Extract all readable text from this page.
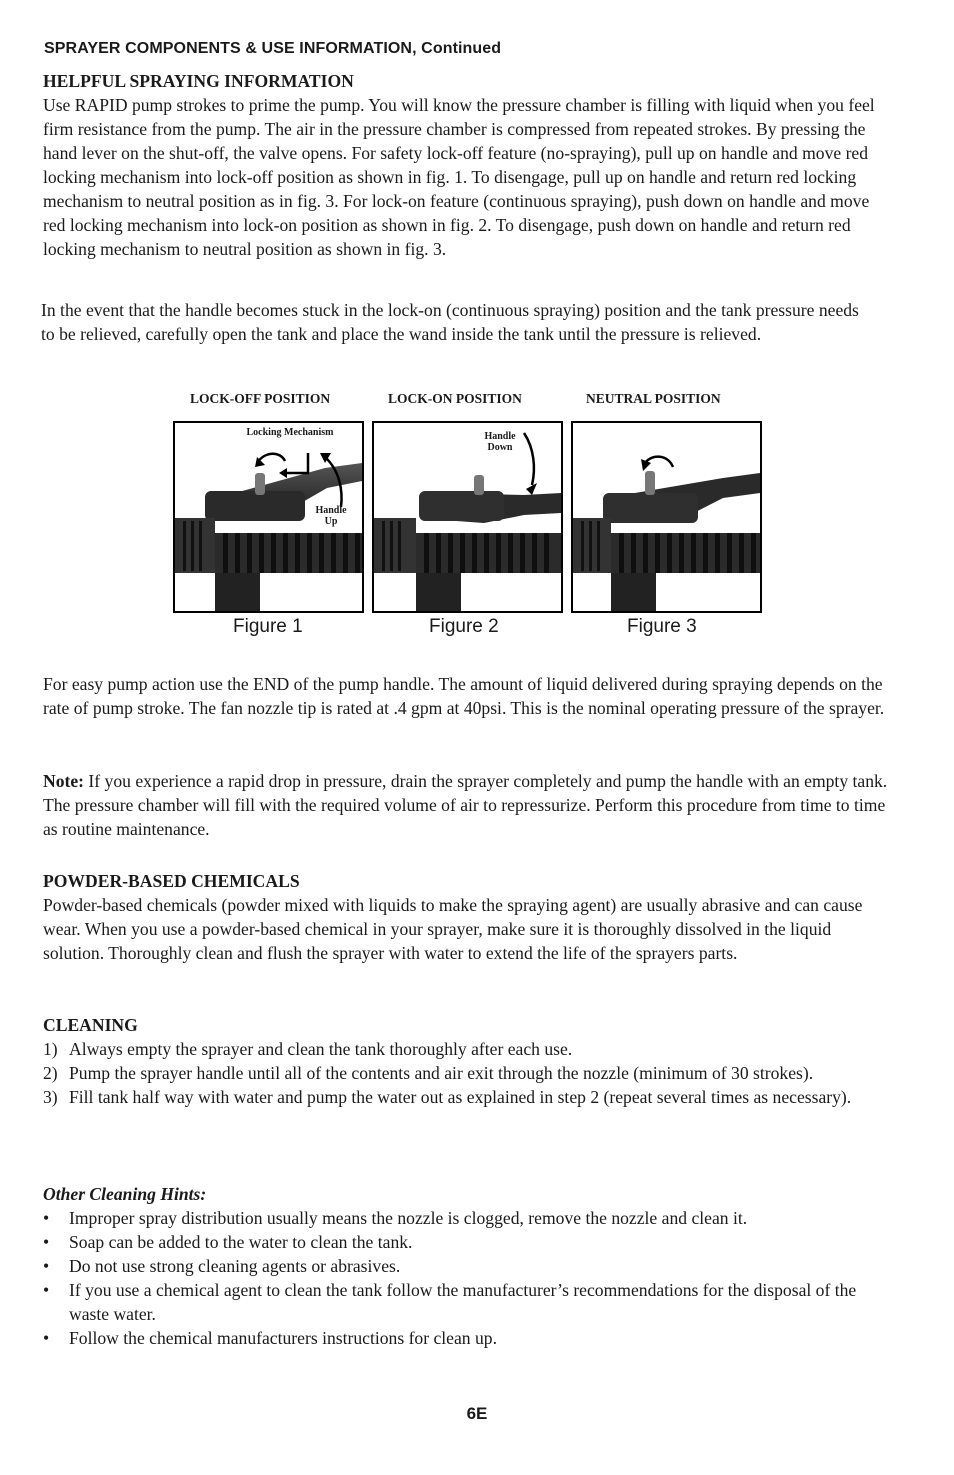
SPRAYER COMPONENTS & USE INFORMATION, Continued

HELPFUL SPRAYING INFORMATION

Use RAPID pump strokes to prime the pump. You will know the pressure chamber is filling with liquid when you feel firm resistance from the pump. The air in the pressure chamber is compressed from repeated strokes. By pressing the hand lever on the shut-off, the valve opens. For safety lock-off feature (no-spraying), pull up on handle and move red locking mechanism into lock-off position as shown in fig. 1. To disengage, pull up on handle and return red locking mechanism to neutral position as in fig. 3. For lock-on feature (continuous spraying), push down on handle and move red locking mechanism into lock-on position as shown in fig. 2. To disengage, push down on handle and return red locking mechanism to neutral position as shown in fig. 3.

In the event that the handle becomes stuck in the lock-on (continuous spraying) position and the tank pressure needs to be relieved, carefully open the tank and place the wand inside the tank until the pressure is relieved.

LOCK-OFF POSITION	LOCK-ON POSITION	NEUTRAL POSITION
Locking Mechanism
Handle
Up
Handle
Down
Figure 1	Figure 2	Figure 3

For easy pump action use the END of the pump handle. The amount of liquid delivered during spraying depends on the rate of pump stroke. The fan nozzle tip is rated at .4 gpm at 40psi. This is the nominal operating pressure of the sprayer.

Note: If you experience a rapid drop in pressure, drain the sprayer completely and pump the handle with an empty tank. The pressure chamber will fill with the required volume of air to repressurize. Perform this procedure from time to time as routine maintenance.

POWDER-BASED CHEMICALS

Powder-based chemicals (powder mixed with liquids to make the spraying agent) are usually abrasive and can cause wear. When you use a powder-based chemical in your sprayer, make sure it is thoroughly dissolved in the liquid solution. Thoroughly clean and flush the sprayer with water to extend the life of the sprayers parts.

CLEANING

1) Always empty the sprayer and clean the tank thoroughly after each use.
2) Pump the sprayer handle until all of the contents and air exit through the nozzle (minimum of 30 strokes).
3) Fill tank half way with water and pump the water out as explained in step 2 (repeat several times as necessary).

Other Cleaning Hints:

• Improper spray distribution usually means the nozzle is clogged, remove the nozzle and clean it.
• Soap can be added to the water to clean the tank.
• Do not use strong cleaning agents or abrasives.
• If you use a chemical agent to clean the tank follow the manufacturer’s recommendations for the disposal of the waste water.
• Follow the chemical manufacturers instructions for clean up.
6E
